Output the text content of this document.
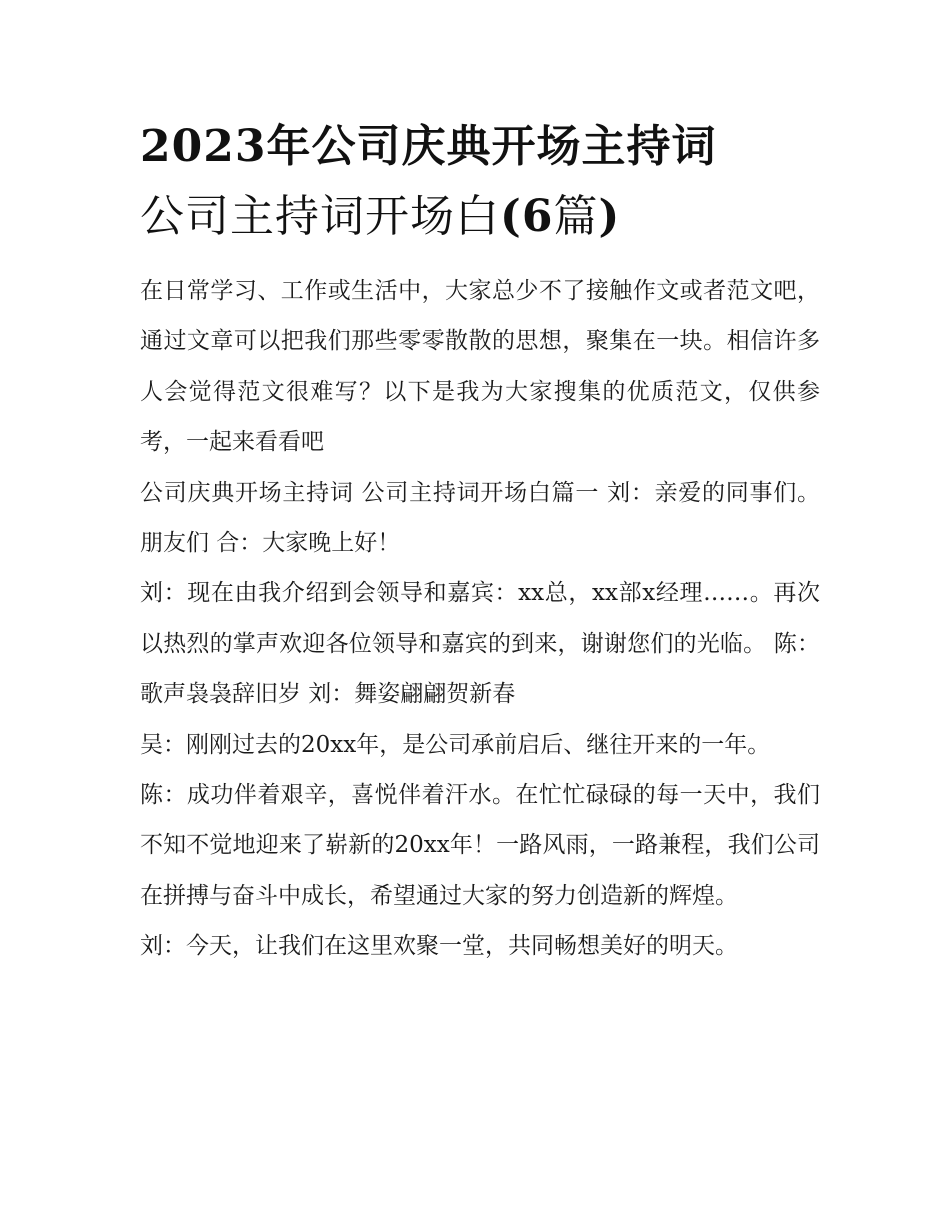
2023年公司庆典开场主持词
公司主持词开场白(6篇)

在日常学习、工作或生活中，大家总少不了接触作文或者范文吧，通过文章可以把我们那些零零散散的思想，聚集在一块。相信许多人会觉得范文很难写？以下是我为大家搜集的优质范文，仅供参考，一起来看看吧

公司庆典开场主持词 公司主持词开场白篇一 刘：亲爱的同事们。朋友们 合：大家晚上好！

刘：现在由我介绍到会领导和嘉宾：xx总，xx部x经理……。再次以热烈的掌声欢迎各位领导和嘉宾的到来，谢谢您们的光临。 陈：歌声袅袅辞旧岁 刘：舞姿翩翩贺新春

吴：刚刚过去的20xx年，是公司承前启后、继往开来的一年。

陈：成功伴着艰辛，喜悦伴着汗水。在忙忙碌碌的每一天中，我们不知不觉地迎来了崭新的20xx年！一路风雨，一路兼程，我们公司在拼搏与奋斗中成长，希望通过大家的努力创造新的辉煌。

刘：今天，让我们在这里欢聚一堂，共同畅想美好的明天。
